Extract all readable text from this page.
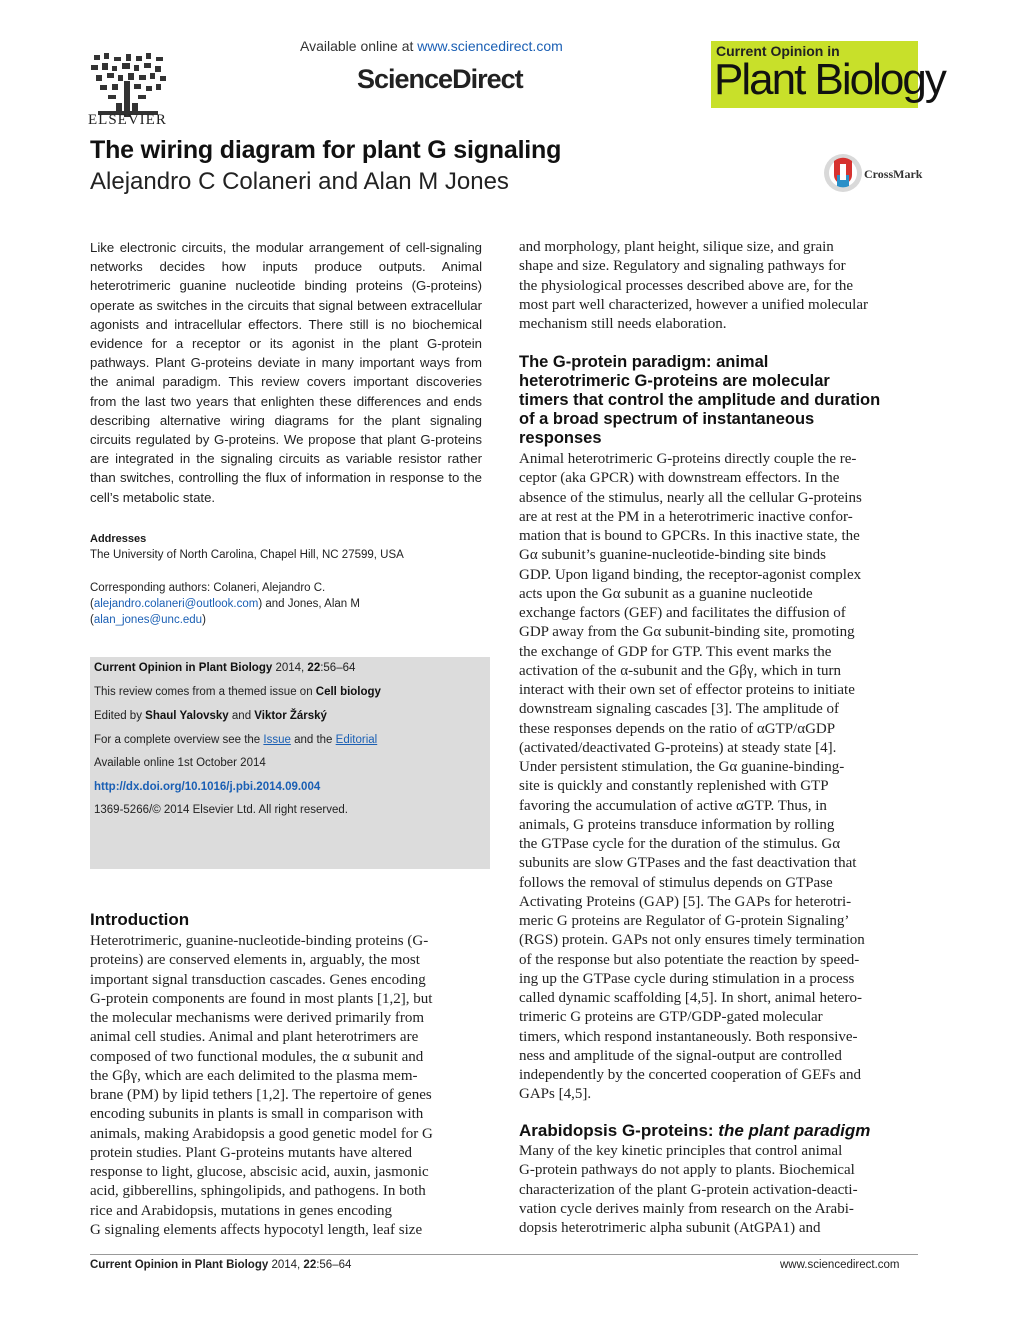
ELSEVIER
Available online at www.sciencedirect.com
ScienceDirect
Current Opinion in
Plant Biology
The wiring diagram for plant G signaling
Alejandro C Colaneri and Alan M Jones	CrossMark
Like electronic circuits, the modular arrangement of cell-signaling networks decides how inputs produce outputs. Animal heterotrimeric guanine nucleotide binding proteins (G-proteins) operate as switches in the circuits that signal between extracellular agonists and intracellular effectors. There still is no biochemical evidence for a receptor or its agonist in the plant G-protein pathways. Plant G-proteins deviate in many important ways from the animal paradigm. This review covers important discoveries from the last two years that enlighten these differences and ends describing alternative wiring diagrams for the plant signaling circuits regulated by G-proteins. We propose that plant G-proteins are integrated in the signaling circuits as variable resistor rather than switches, controlling the flux of information in response to the cell’s metabolic state.
Addresses
The University of North Carolina, Chapel Hill, NC 27599, USA
Corresponding authors: Colaneri, Alejandro C.
(alejandro.colaneri@outlook.com) and Jones, Alan M
(alan_jones@unc.edu)
Current Opinion in Plant Biology 2014, 22:56–64
This review comes from a themed issue on Cell biology
Edited by Shaul Yalovsky and Viktor Žárský
For a complete overview see the Issue and the Editorial
Available online 1st October 2014
http://dx.doi.org/10.1016/j.pbi.2014.09.004
1369-5266/© 2014 Elsevier Ltd. All right reserved.
Introduction
Heterotrimeric, guanine-nucleotide-binding proteins (G-
proteins) are conserved elements in, arguably, the most
important signal transduction cascades. Genes encoding
G-protein components are found in most plants [1,2], but
the molecular mechanisms were derived primarily from
animal cell studies. Animal and plant heterotrimers are
composed of two functional modules, the α subunit and
the Gβγ, which are each delimited to the plasma mem-
brane (PM) by lipid tethers [1,2]. The repertoire of genes
encoding subunits in plants is small in comparison with
animals, making Arabidopsis a good genetic model for G
protein studies. Plant G-proteins mutants have altered
response to light, glucose, abscisic acid, auxin, jasmonic
acid, gibberellins, sphingolipids, and pathogens. In both
rice and Arabidopsis, mutations in genes encoding
G signaling elements affects hypocotyl length, leaf size
and morphology, plant height, silique size, and grain
shape and size. Regulatory and signaling pathways for
the physiological processes described above are, for the
most part well characterized, however a unified molecular
mechanism still needs elaboration.
The G-protein paradigm: animal
heterotrimeric G-proteins are molecular
timers that control the amplitude and duration
of a broad spectrum of instantaneous
responses
Animal heterotrimeric G-proteins directly couple the re-
ceptor (aka GPCR) with downstream effectors. In the
absence of the stimulus, nearly all the cellular G-proteins
are at rest at the PM in a heterotrimeric inactive confor-
mation that is bound to GPCRs. In this inactive state, the
Gα subunit’s guanine-nucleotide-binding site binds
GDP. Upon ligand binding, the receptor-agonist complex
acts upon the Gα subunit as a guanine nucleotide
exchange factors (GEF) and facilitates the diffusion of
GDP away from the Gα subunit-binding site, promoting
the exchange of GDP for GTP. This event marks the
activation of the α-subunit and the Gβγ, which in turn
interact with their own set of effector proteins to initiate
downstream signaling cascades [3]. The amplitude of
these responses depends on the ratio of αGTP/αGDP
(activated/deactivated G-proteins) at steady state [4].
Under persistent stimulation, the Gα guanine-binding-
site is quickly and constantly replenished with GTP
favoring the accumulation of active αGTP. Thus, in
animals, G proteins transduce information by rolling
the GTPase cycle for the duration of the stimulus. Gα
subunits are slow GTPases and the fast deactivation that
follows the removal of stimulus depends on GTPase
Activating Proteins (GAP) [5]. The GAPs for heterotri-
meric G proteins are Regulator of G-protein Signaling’
(RGS) protein. GAPs not only ensures timely termination
of the response but also potentiate the reaction by speed-
ing up the GTPase cycle during stimulation in a process
called dynamic scaffolding [4,5]. In short, animal hetero-
trimeric G proteins are GTP/GDP-gated molecular
timers, which respond instantaneously. Both responsive-
ness and amplitude of the signal-output are controlled
independently by the concerted cooperation of GEFs and
GAPs [4,5].
Arabidopsis G-proteins: the plant paradigm
Many of the key kinetic principles that control animal
G-protein pathways do not apply to plants. Biochemical
characterization of the plant G-protein activation-deacti-
vation cycle derives mainly from research on the Arabi-
dopsis heterotrimeric alpha subunit (AtGPA1) and
Current Opinion in Plant Biology 2014, 22:56–64	www.sciencedirect.com
